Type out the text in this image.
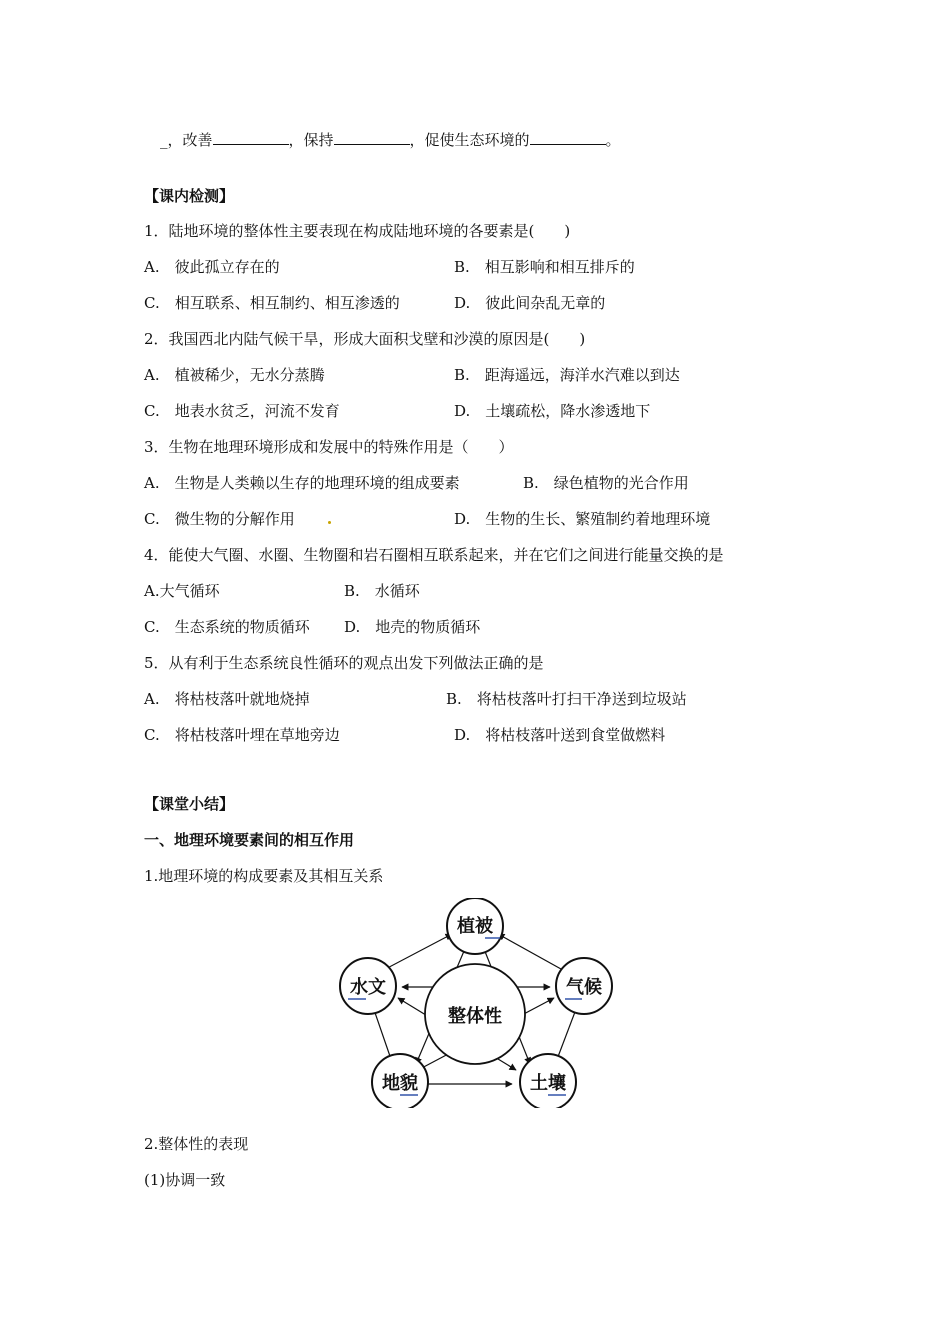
_，改善	，保持	，促使生态环境的	。
【课内检测】
1．陆地环境的整体性主要表现在构成陆地环境的各要素是(　　)
A.　彼此孤立存在的	B.　相互影响和相互排斥的
C.　相互联系、相互制约、相互渗透的	D.　彼此间杂乱无章的
2．我国西北内陆气候干旱，形成大面积戈壁和沙漠的原因是(　　)
A.　植被稀少，无水分蒸腾	B.　距海遥远，海洋水汽难以到达
C.　地表水贫乏，河流不发育	D.　土壤疏松，降水渗透地下
3．生物在地理环境形成和发展中的特殊作用是（　　）
A.　生物是人类赖以生存的地理环境的组成要素	B.　绿色植物的光合作用
C.　微生物的分解作用	D.　生物的生长、繁殖制约着地理环境
4．能使大气圈、水圈、生物圈和岩石圈相互联系起来，并在它们之间进行能量交换的是
A.大气循环	B.　水循环
C.　生态系统的物质循环 D.　地壳的物质循环
5．从有利于生态系统良性循环的观点出发下列做法正确的是
A.　将枯枝落叶就地烧掉	B.　将枯枝落叶打扫干净送到垃圾站
C.　将枯枝落叶埋在草地旁边	D.　将枯枝落叶送到食堂做燃料
【课堂小结】
一、地理环境要素间的相互作用
1.地理环境的构成要素及其相互关系
整体性
植被
水文	气候
地貌	土壤
2.整体性的表现
(1)协调一致
